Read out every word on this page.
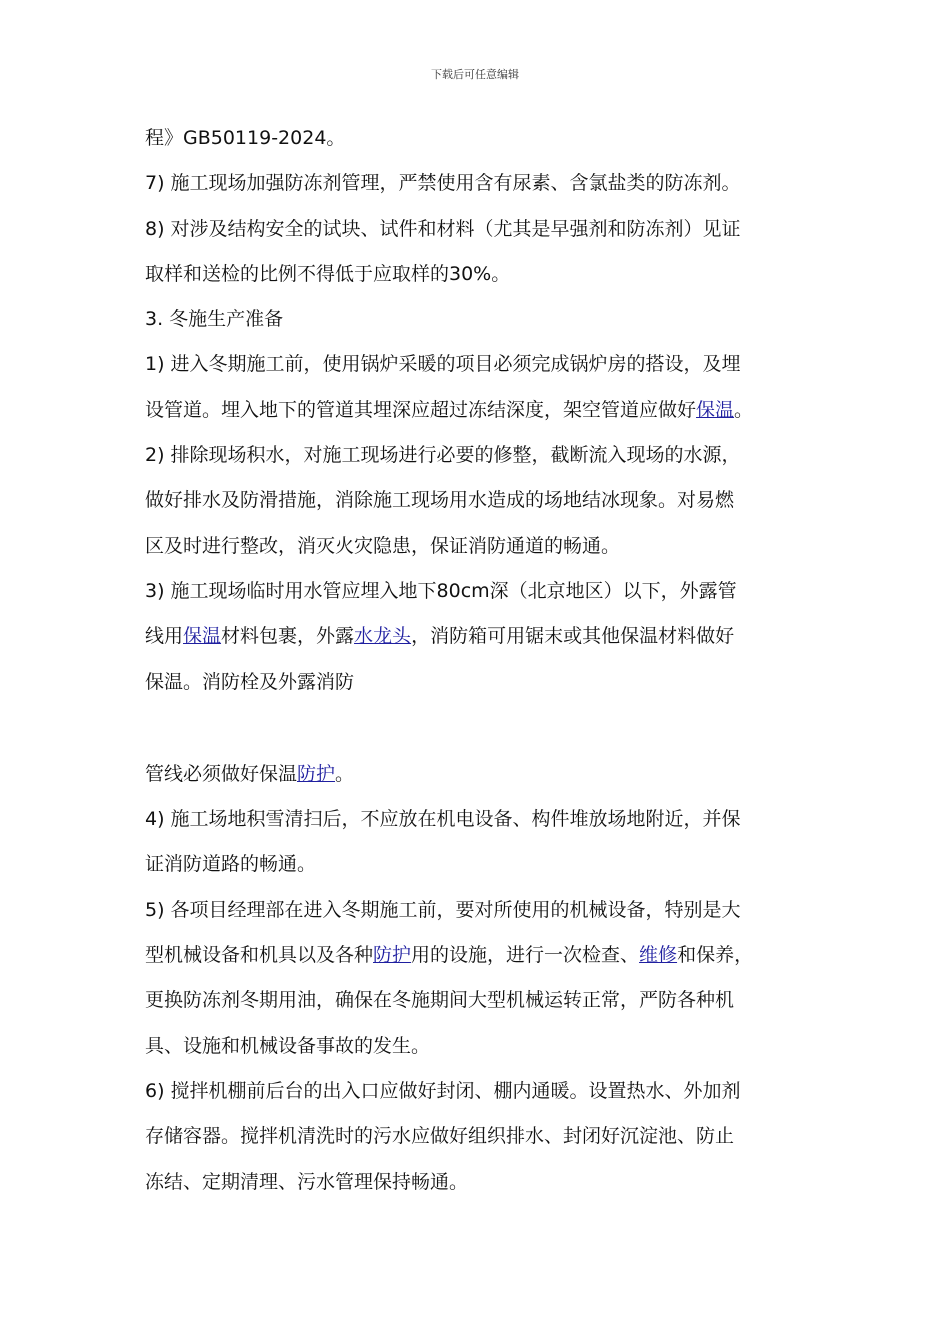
下载后可任意编辑
程》GB50119-2024。
7) 施工现场加强防冻剂管理，严禁使用含有尿素、含氯盐类的防冻剂。
8) 对涉及结构安全的试块、试件和材料（尤其是早强剂和防冻剂）见证
取样和送检的比例不得低于应取样的30%。
3. 冬施生产准备
1) 进入冬期施工前，使用锅炉采暖的项目必须完成锅炉房的搭设，及埋
设管道。埋入地下的管道其埋深应超过冻结深度，架空管道应做好保温。
2) 排除现场积水，对施工现场进行必要的修整，截断流入现场的水源，
做好排水及防滑措施，消除施工现场用水造成的场地结冰现象。对易燃
区及时进行整改，消灭火灾隐患，保证消防通道的畅通。
3) 施工现场临时用水管应埋入地下80cm深（北京地区）以下，外露管
线用保温材料包裹，外露水龙头，消防箱可用锯末或其他保温材料做好
保温。消防栓及外露消防
管线必须做好保温防护。
4) 施工场地积雪清扫后，不应放在机电设备、构件堆放场地附近，并保
证消防道路的畅通。
5) 各项目经理部在进入冬期施工前，要对所使用的机械设备，特别是大
型机械设备和机具以及各种防护用的设施，进行一次检查、维修和保养，
更换防冻剂冬期用油，确保在冬施期间大型机械运转正常，严防各种机
具、设施和机械设备事故的发生。
6) 搅拌机棚前后台的出入口应做好封闭、棚内通暖。设置热水、外加剂
存储容器。搅拌机清洗时的污水应做好组织排水、封闭好沉淀池、防止
冻结、定期清理、污水管理保持畅通。
